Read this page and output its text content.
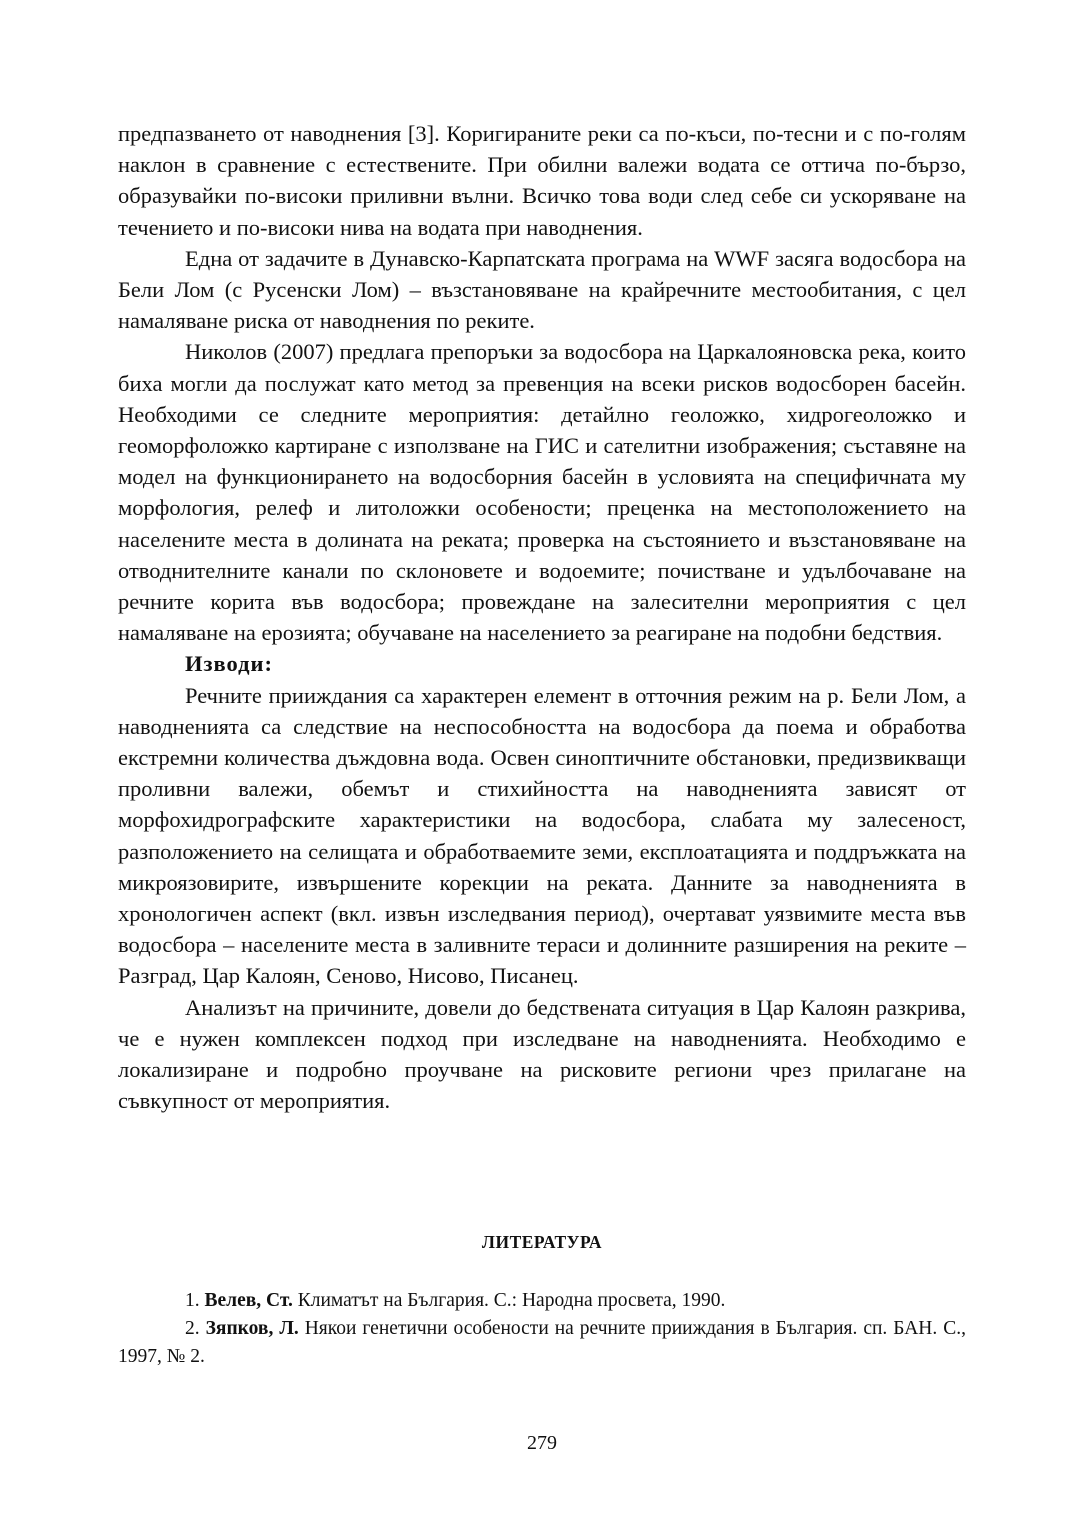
предпазването от наводнения [3]. Коригираните реки са по-къси, по-тесни и с по-голям наклон в сравнение с естествените. При обилни валежи водата се оттича по-бързо, образувайки по-високи приливни вълни. Всичко това води след себе си ускоряване на течението и по-високи нива на водата при наводнения.

Една от задачите в Дунавско-Карпатската програма на WWF засяга водосбора на Бели Лом (с Русенски Лом) – възстановяване на крайречните местообитания, с цел намаляване риска от наводнения по реките.

Николов (2007) предлага препоръки за водосбора на Царкалояновска река, които биха могли да послужат като метод за превенция на всеки рисков водосборен басейн. Необходими се следните мероприятия: детайлно геоложко, хидрогеоложко и геоморфоложко картиране с използване на ГИС и сателитни изображения; съставяне на модел на функционирането на водосборния басейн в условията на специфичната му морфология, релеф и литоложки особености; преценка на местоположението на населените места в долината на реката; проверка на състоянието и възстановяване на отводнителните канали по склоновете и водоемите; почистване и удълбочаване на речните корита във водосбора; провеждане на залесителни мероприятия с цел намаляване на ерозията; обучаване на населението за реагиране на подобни бедствия.

Изводи:

Речните прииждания са характерен елемент в отточния режим на р. Бели Лом, а наводненията са следствие на неспособността на водосбора да поема и обработва екстремни количества дъждовна вода. Освен синоптичните обстановки, предизвикващи проливни валежи, обемът и стихийността на наводненията зависят от морфохидрографските характеристики на водосбора, слабата му залесеност, разположението на селищата и обработваемите земи, експлоатацията и поддръжката на микроязовирите, извършените корекции на реката. Данните за наводненията в хронологичен аспект (вкл. извън изследвания период), очертават уязвимите места във водосбора – населените места в заливните тераси и долинните разширения на реките – Разград, Цар Калоян, Сеново, Нисово, Писанец.

Анализът на причините, довели до бедствената ситуация в Цар Калоян разкрива, че е нужен комплексен подход при изследване на наводненията. Необходимо е локализиране и подробно проучване на рисковите региони чрез прилагане на съвкупност от мероприятия.

ЛИТЕРАТУРА

1. Велев, Ст. Климатът на България. С.: Народна просвета, 1990.

2. Зяпков, Л. Някои генетични особености на речните прииждания в България. сп. БАН. С., 1997, № 2.

279
